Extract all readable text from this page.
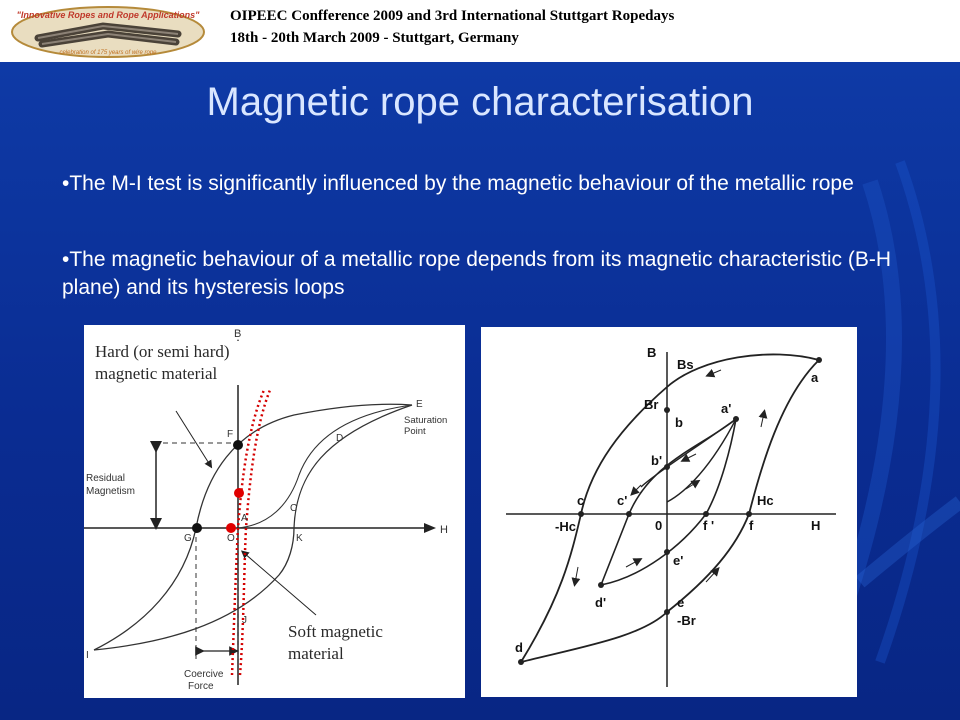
"Innovative Ropes and Rope Applications"
celebration of 175 years of wire rope
OIPEEC Confference 2009 and 3rd International Stuttgart Ropedays
18th - 20th March 2009 - Stuttgart, Germany
Magnetic rope characterisation
•The M-I test is significantly influenced by the magnetic behaviour of the metallic rope
•The magnetic behaviour of a metallic rope depends from its magnetic characteristic (B-H plane) and its hysteresis loops
B
H
E
Saturation
Point
D
C
K
F
A
G	O
J
I
Residual
Magnetism
Coercive
Force
Hard (or semi hard) magnetic material
Soft magnetic material
B
Bs
a
Br
b
a'
b'
c	c'	Hc
-Hc	0	f '	f	H
e'
d'	e
-Br
d
